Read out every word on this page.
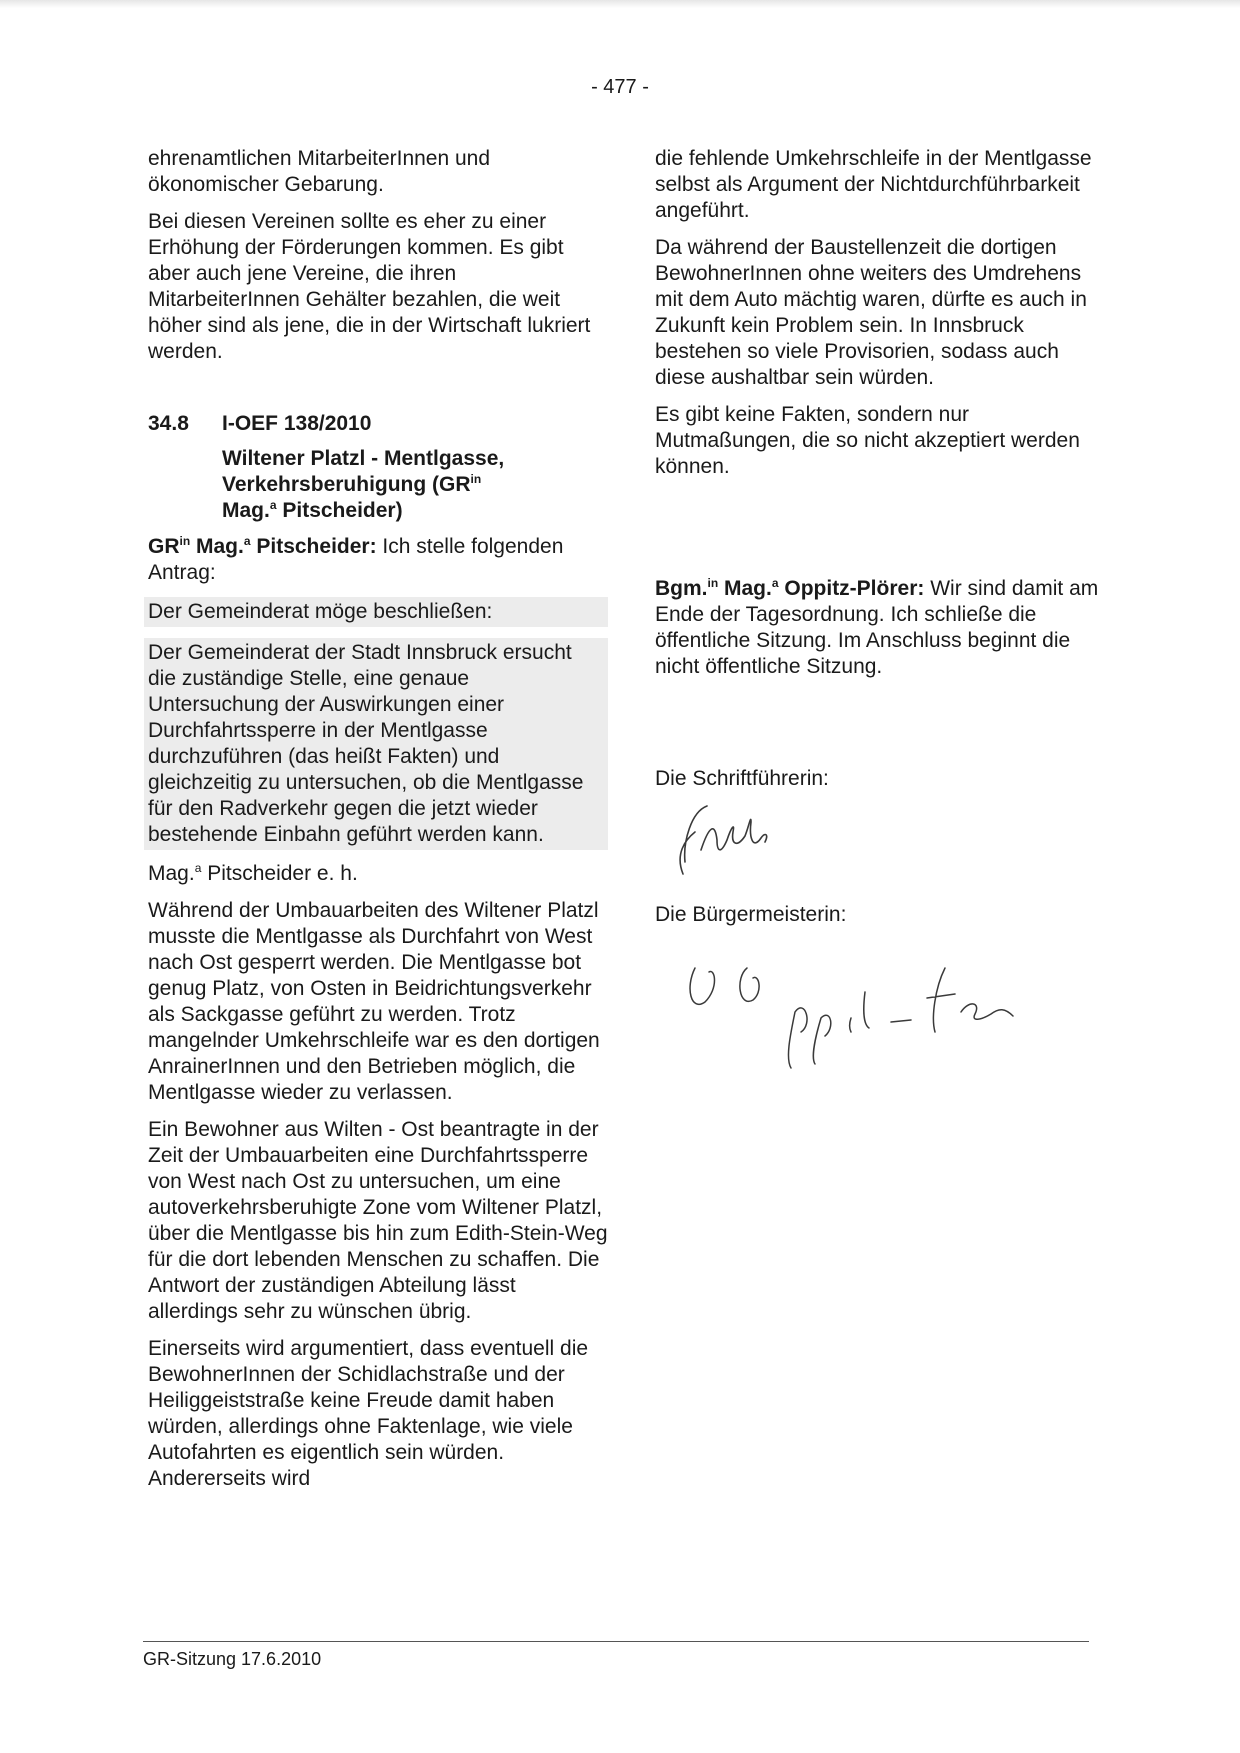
- 477 -

ehrenamtlichen MitarbeiterInnen und ökonomischer Gebarung.

Bei diesen Vereinen sollte es eher zu einer Erhöhung der Förderungen kommen. Es gibt aber auch jene Vereine, die ihren MitarbeiterInnen Gehälter bezahlen, die weit höher sind als jene, die in der Wirtschaft lukriert werden.

34.8	I-OEF 138/2010
Wiltener Platzl - Mentlgasse,
Verkehrsberuhigung ($GR^{in}$
Mag.$^a$ Pitscheider)

$GR^{in}$ Mag.$^a$ Pitscheider: Ich stelle folgenden Antrag:

Der Gemeinderat möge beschließen:

Der Gemeinderat der Stadt Innsbruck ersucht die zuständige Stelle, eine genaue Untersuchung der Auswirkungen einer Durchfahrtssperre in der Mentlgasse durchzuführen (das heißt Fakten) und gleichzeitig zu untersuchen, ob die Mentlgasse für den Radverkehr gegen die jetzt wieder bestehende Einbahn geführt werden kann.

Mag.$^a$ Pitscheider e. h.

Während der Umbauarbeiten des Wiltener Platzl musste die Mentlgasse als Durchfahrt von West nach Ost gesperrt werden. Die Mentlgasse bot genug Platz, von Osten in Beidrichtungsverkehr als Sackgasse geführt zu werden. Trotz mangelnder Umkehrschleife war es den dortigen AnrainerInnen und den Betrieben möglich, die Mentlgasse wieder zu verlassen.

Ein Bewohner aus Wilten - Ost beantragte in der Zeit der Umbauarbeiten eine Durchfahrtssperre von West nach Ost zu untersuchen, um eine autoverkehrsberuhigte Zone vom Wiltener Platzl, über die Mentlgasse bis hin zum Edith-Stein-Weg für die dort lebenden Menschen zu schaffen. Die Antwort der zuständigen Abteilung lässt allerdings sehr zu wünschen übrig.

Einerseits wird argumentiert, dass eventuell die BewohnerInnen der Schidlachstraße und der Heiliggeiststraße keine Freude damit haben würden, allerdings ohne Faktenlage, wie viele Autofahrten es eigentlich sein würden. Andererseits wird

die fehlende Umkehrschleife in der Mentlgasse selbst als Argument der Nichtdurchführbarkeit angeführt.

Da während der Baustellenzeit die dortigen BewohnerInnen ohne weiters des Umdrehens mit dem Auto mächtig waren, dürfte es auch in Zukunft kein Problem sein. In Innsbruck bestehen so viele Provisorien, sodass auch diese aushaltbar sein würden.

Es gibt keine Fakten, sondern nur Mutmaßungen, die so nicht akzeptiert werden können.

Bgm.$^{in}$ Mag.$^a$ Oppitz-Plörer: Wir sind damit am Ende der Tagesordnung. Ich schließe die öffentliche Sitzung. Im Anschluss beginnt die nicht öffentliche Sitzung.

Die Schriftführerin:

Die Bürgermeisterin:

GR-Sitzung 17.6.2010
